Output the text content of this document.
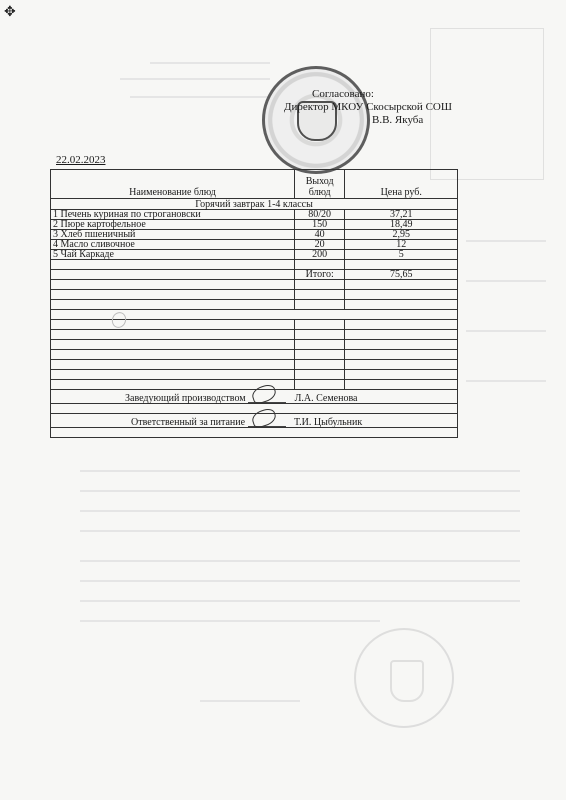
✥
Согласовано:
Директор МКОУ Скосырской СОШ
В.В. Якуба
22.02.2023
Наименование блюд	Выход блюд	Цена руб.
Горячий завтрак 1-4 классы		
1 Печень куриная по строгановски	80/20	37,21
2 Пюре картофельное	150	18,49
3 Хлеб пшеничный	40	2,95
4 Масло сливочное	20	12
5 Чай Каркаде	200	5

	Итого:	75,65

Заведующий производством Л.А. Семенова		

Ответственный за питание Т.И. Цыбульник		
